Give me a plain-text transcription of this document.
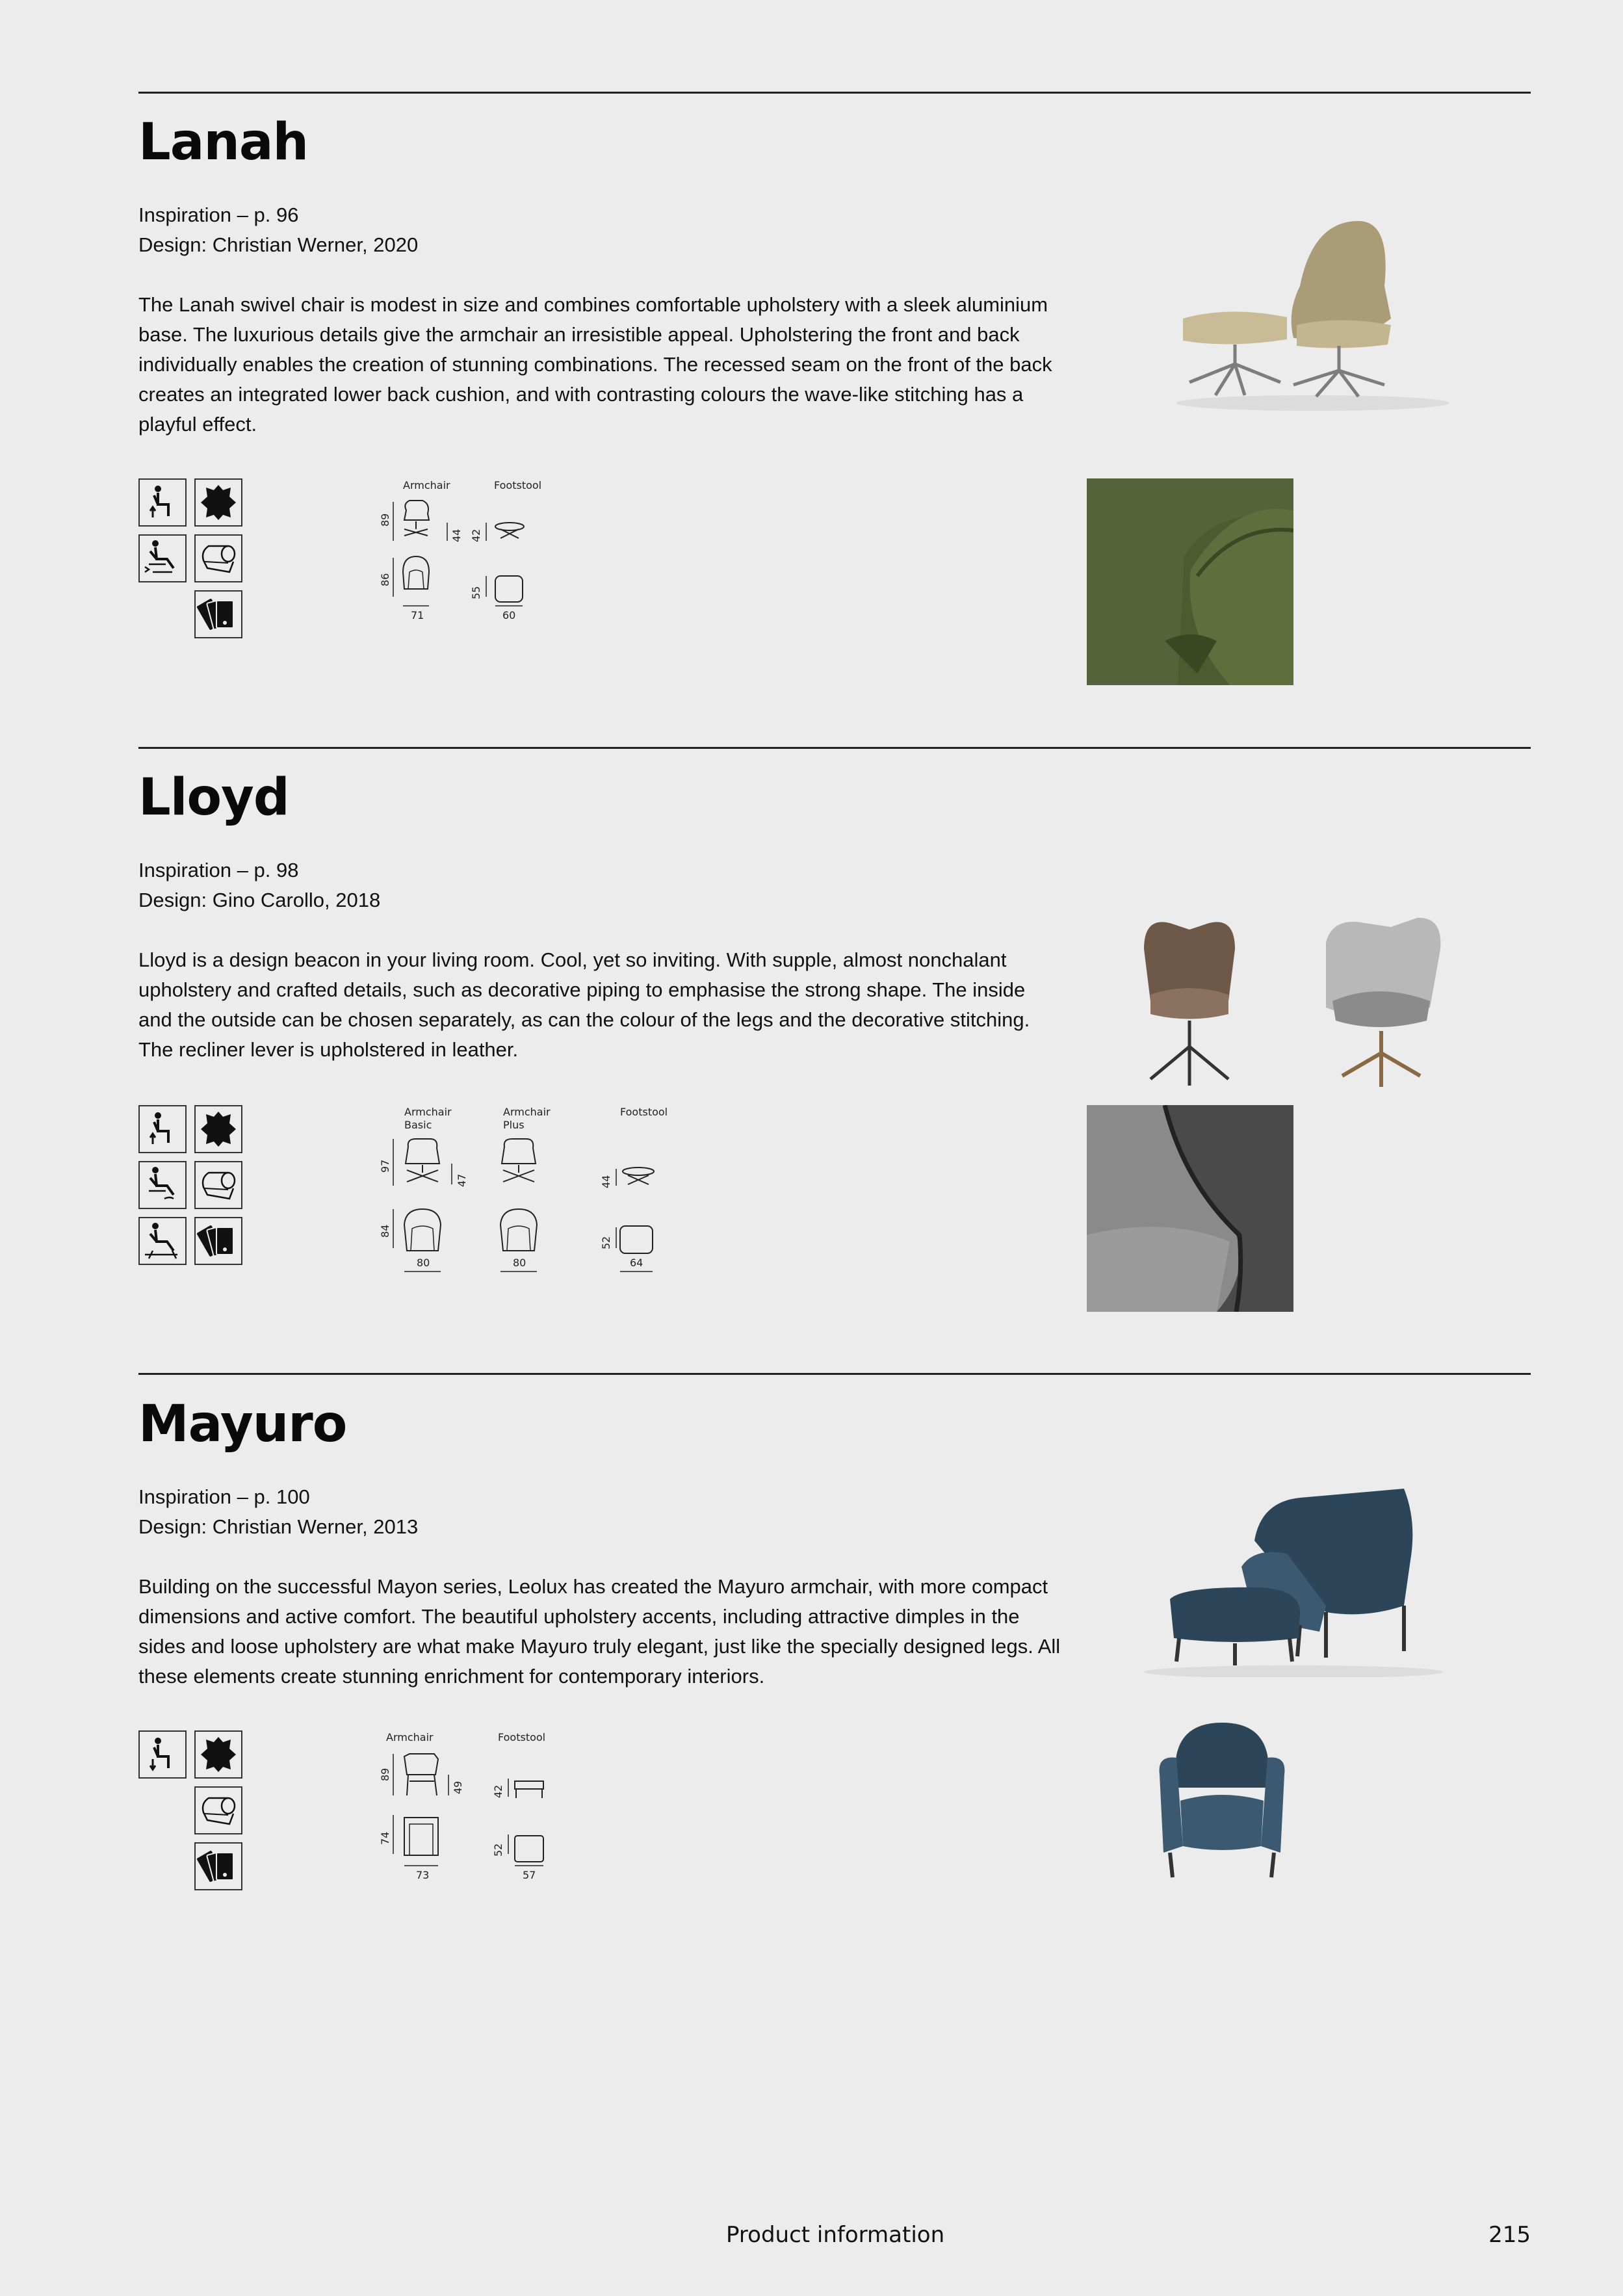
Lanah
Inspiration – p. 96
Design: Christian Werner, 2020
The Lanah swivel chair is modest in size and combines comfortable upholstery with a sleek aluminium base. The luxurious details give the armchair an irresistible appeal. Upholstering the front and back individually enables the creation of stunning combinations. The recessed seam on the front of the back creates an integrated lower back cushion, and with contrasting colours the wave-like stitching has a playful effect.
Armchair	Footstool
89
44 42
86
71
55
60
Lloyd
Inspiration – p. 98
Design: Gino Carollo, 2018
Lloyd is a design beacon in your living room. Cool, yet so inviting. With supple, almost nonchalant upholstery and crafted details, such as decorative piping to emphasise the strong shape. The inside and the outside can be chosen separately, as can the colour of the legs and the decorative stitching. The recliner lever is upholstered in leather.
Armchair
Basic
Armchair
Plus
Footstool
97
47	44
84
80	80
52
64
Mayuro
Inspiration – p. 100
Design: Christian Werner, 2013
Building on the successful Mayon series, Leolux has created the Mayuro armchair, with more compact dimensions and active comfort. The beautiful upholstery accents, including attractive dimples in the sides and loose upholstery are what make Mayuro truly elegant, just like the specially designed legs. All these elements create stunning enrichment for contemporary interiors.
Armchair	Footstool
89
49	42
74
73
52
57
Product information	215
